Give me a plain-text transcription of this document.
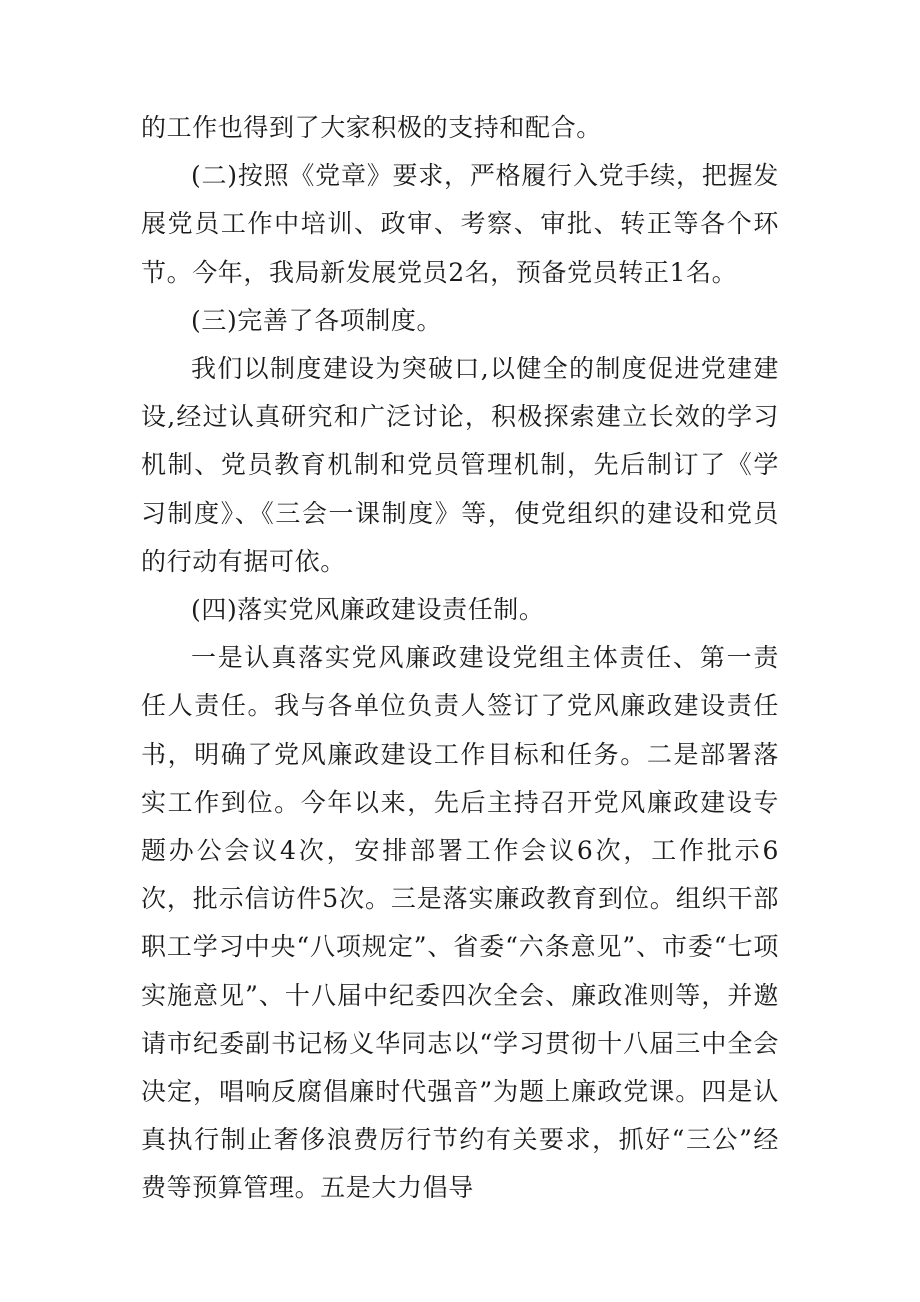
的工作也得到了大家积极的支持和配合。

(二)按照《党章》要求，严格履行入党手续，把握发展党员工作中培训、政审、考察、审批、转正等各个环节。今年，我局新发展党员2名，预备党员转正1名。

(三)完善了各项制度。

我们以制度建设为突破口,以健全的制度促进党建建设,经过认真研究和广泛讨论，积极探索建立长效的学习机制、党员教育机制和党员管理机制，先后制订了《学习制度》、《三会一课制度》等，使党组织的建设和党员的行动有据可依。

(四)落实党风廉政建设责任制。

一是认真落实党风廉政建设党组主体责任、第一责任人责任。我与各单位负责人签订了党风廉政建设责任书，明确了党风廉政建设工作目标和任务。二是部署落实工作到位。今年以来，先后主持召开党风廉政建设专题办公会议4次，安排部署工作会议6次，工作批示6次，批示信访件5次。三是落实廉政教育到位。组织干部职工学习中央“八项规定”、省委“六条意见”、市委“七项实施意见”、十八届中纪委四次全会、廉政准则等，并邀请市纪委副书记杨义华同志以“学习贯彻十八届三中全会决定，唱响反腐倡廉时代强音”为题上廉政党课。四是认真执行制止奢侈浪费厉行节约有关要求，抓好“三公”经费等预算管理。五是大力倡导
